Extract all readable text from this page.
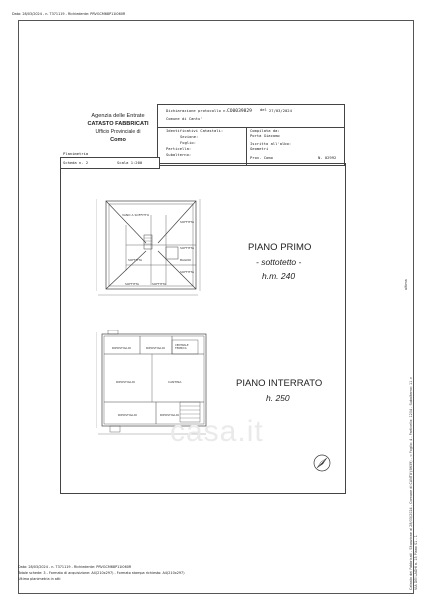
Data: 28/03/2024 - n. T371119 - Richiedente: PRVGCM68P11I060R
Agenzia delle Entrate
CATASTO FABBRICATI
Ufficio Provinciale di
Como
Dichiarazione protocollo n. CO0039829 del 27/03/2024
Comune di Cantu'
Identificativi Catastali:
Sezione:
Foglio:
Particella:
Subalterno:
Compilata da:
Porta Giacomo
Iscritto all'albo:
Geometri
Prov. Como	N. 02992
Planimetria
Scheda n. 2	Scala 1:200
VANO A SOFFITTO
SOFFITTA
SOFFITTA
SOFFITTA	BAGNO
SOFFITTA
SOFFITTA	SOFFITTA
PIANO PRIMO
- sottotetto -
h.m. 240
RIPOSTIGLIO	RIPOSTIGLIO
CENTRALE TERMICA
RIPOSTIGLIO	CANTINA
RIPOSTIGLIO	RIPOSTIGLIO
PIANO INTERRATO
h. 250
casa.it
Data: 28/03/2024 - n. T371119 - Richiedente: PRVGCM68P11I060R
Totale schede: 3 - Formato di acquisizione: A4(210x297) - Formato stampa richiesto: A4(210x297)
Ultima planimetria in atti	Catasto dei Fabbricati - Situazione al 28/03/2024 - Comune di CANTU'(B639) - < Foglio: 4 - Particella: 1204 - Subalterno: 11 > VIA DEI LAGHI n. 15 Piano S1 - 1
ultima
